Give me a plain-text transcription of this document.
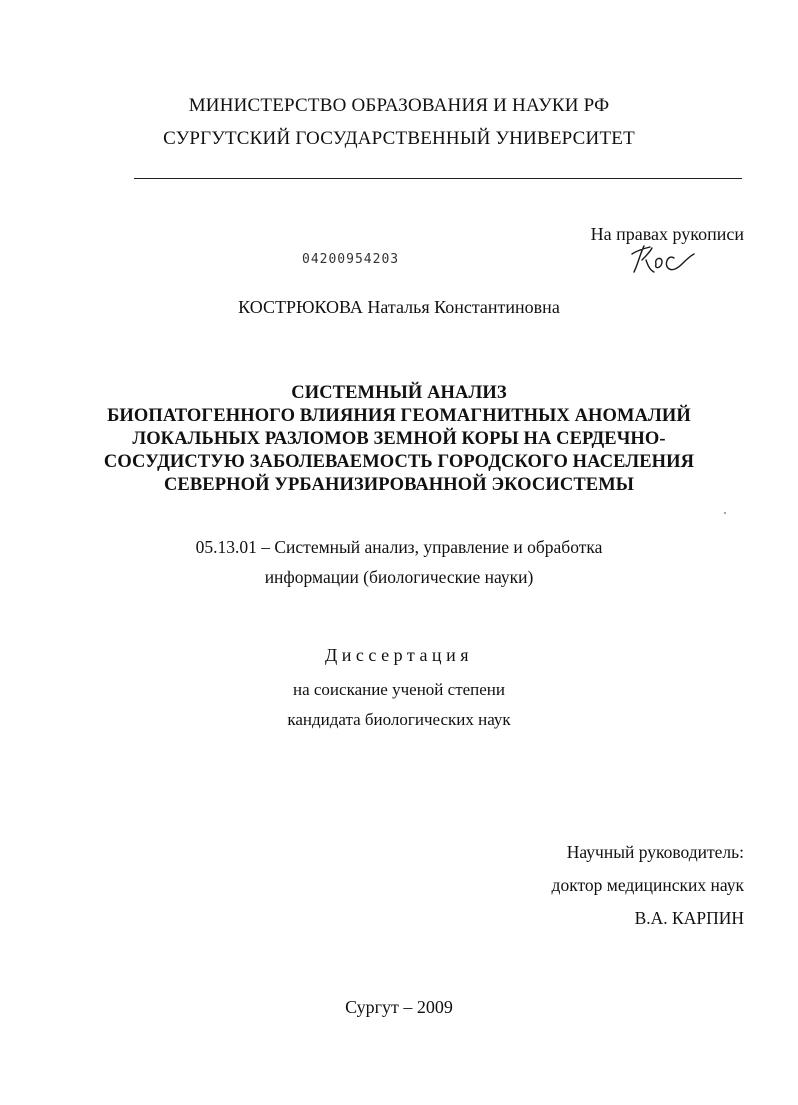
МИНИСТЕРСТВО ОБРАЗОВАНИЯ И НАУКИ РФ
СУРГУТСКИЙ ГОСУДАРСТВЕННЫЙ УНИВЕРСИТЕТ
На правах рукописи
04200954203
КОСТРЮКОВА Наталья Константиновна
СИСТЕМНЫЙ АНАЛИЗ
БИОПАТОГЕННОГО ВЛИЯНИЯ ГЕОМАГНИТНЫХ АНОМАЛИЙ
ЛОКАЛЬНЫХ РАЗЛОМОВ ЗЕМНОЙ КОРЫ НА СЕРДЕЧНО-
СОСУДИСТУЮ ЗАБОЛЕВАЕМОСТЬ ГОРОДСКОГО НАСЕЛЕНИЯ
СЕВЕРНОЙ УРБАНИЗИРОВАННОЙ ЭКОСИСТЕМЫ
05.13.01 – Системный анализ, управление и обработка
информации (биологические науки)
Диссертация
на соискание ученой степени
кандидата биологических наук
Научный руководитель:
доктор медицинских наук
В.А. КАРПИН
Сургут – 2009
